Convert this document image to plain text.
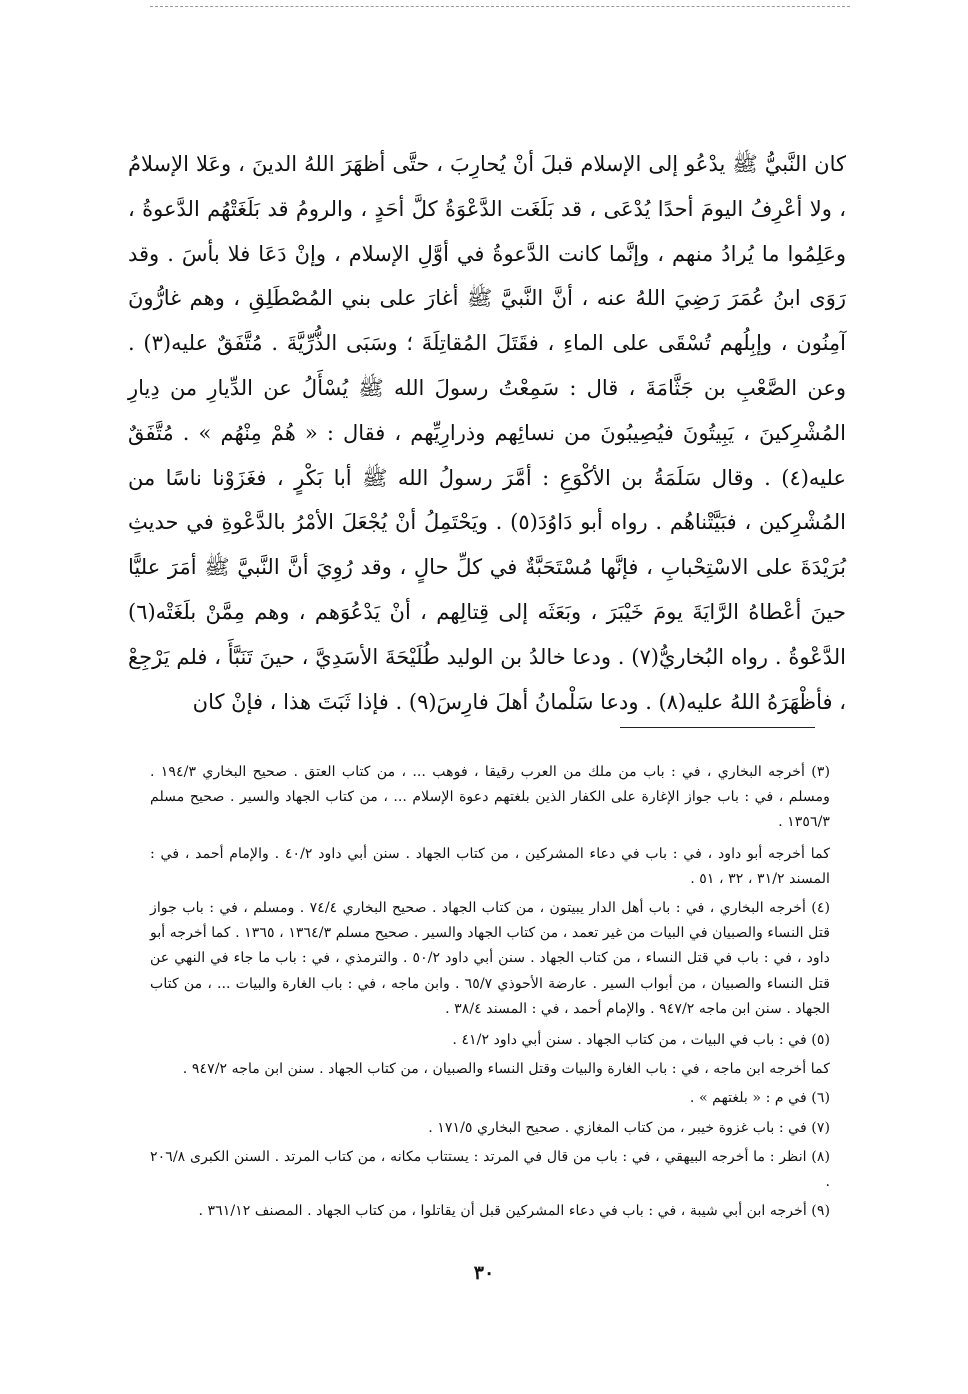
كان النَّبيُّ ﷺ يدْعُو إلى الإسلام قبلَ أنْ يُحارِبَ ، حتَّى أظهَرَ اللهُ الدينَ ، وعَلا الإسلامُ ، ولا أعْرِفُ اليومَ أحدًا يُدْعَى ، قد بَلَغَت الدَّعْوَةُ كلَّ أحَدٍ ، والرومُ قد بَلَغَتْهُم الدَّعوةُ ، وعَلِمُوا ما يُرادُ منهم ، وإنَّما كانت الدَّعوةُ في أوَّلِ الإسلام ، وإنْ دَعَا فلا بأسَ . وقد رَوَى ابنُ عُمَرَ رَضِيَ اللهُ عنه ، أنَّ النَّبيَّ ﷺ أغارَ على بني المُصْطَلِقِ ، وهم غارُّونَ آمِنُون ، وإبِلُهم تُسْقَى على الماءِ ، فقَتَلَ المُقاتِلَةَ ؛ وسَبَى الذُّرِّيَّةَ . مُتَّفَقٌ عليه(٣) . وعن الصَّعْبِ بن جَثَّامَةَ ، قال : سَمِعْتُ رسولَ الله ﷺ يُسْأَلُ عن الدِّيارِ من دِيارِ المُشْرِكينَ ، يَبِيتُونَ فيُصِيبُونَ من نسائِهم وذرارِيِّهم ، فقال : « هُمْ مِنْهُم » . مُتَّفَقٌ عليه(٤) . وقال سَلَمَةُ بن الأكْوَعِ : أمَّرَ رسولُ الله ﷺ أبا بَكْرٍ ، فغَزَوْنا ناسًا من المُشْرِكين ، فبَيَّتْناهُم . رواه أبو دَاوُدَ(٥) . ويَحْتَمِلُ أنْ يُجْعَلَ الأمْرُ بالدَّعْوةِ في حديثِ بُرَيْدَةَ على الاسْتِحْبابِ ، فإنَّها مُسْتَحَبَّةٌ في كلِّ حالٍ ، وقد رُوِيَ أنَّ النَّبيَّ ﷺ أمَرَ عليًّا حينَ أعْطاهُ الرَّايَةَ يومَ خَيْبَرَ ، وبَعَثَه إلى قِتالِهم ، أنْ يَدْعُوَهم ، وهم مِمَّنْ بلَغَتْه(٦) الدَّعْوةُ . رواه البُخاريُّ(٧) . ودعا خالدُ بن الوليد طُلَيْحَةَ الأسَدِيَّ ، حينَ تَنَبَّأَ ، فلم يَرْجِعْ ، فأظْهَرَهُ اللهُ عليه(٨) . ودعا سَلْمانُ أهلَ فارِسَ(٩) . فإذا ثَبَتَ هذا ، فإنْ كان

(٣) أخرجه البخاري ، في : باب من ملك من العرب رقيقا ، فوهب ... ، من كتاب العتق . صحيح البخاري ١٩٤/٣ . ومسلم ، في : باب جواز الإغارة على الكفار الذين بلغتهم دعوة الإسلام ... ، من كتاب الجهاد والسير . صحيح مسلم ١٣٥٦/٣ .

كما أخرجه أبو داود ، في : باب في دعاء المشركين ، من كتاب الجهاد . سنن أبي داود ٤٠/٢ . والإمام أحمد ، في : المسند ٣١/٢ ، ٣٢ ، ٥١ .

(٤) أخرجه البخاري ، في : باب أهل الدار يبيتون ، من كتاب الجهاد . صحيح البخاري ٧٤/٤ . ومسلم ، في : باب جواز قتل النساء والصبيان في البيات من غير تعمد ، من كتاب الجهاد والسير . صحيح مسلم ١٣٦٤/٣ ، ١٣٦٥ . كما أخرجه أبو داود ، في : باب في قتل النساء ، من كتاب الجهاد . سنن أبي داود ٥٠/٢ . والترمذي ، في : باب ما جاء في النهي عن قتل النساء والصبيان ، من أبواب السير . عارضة الأحوذي ٦٥/٧ . وابن ماجه ، في : باب الغارة والبيات ... ، من كتاب الجهاد . سنن ابن ماجه ٩٤٧/٢ . والإمام أحمد ، في : المسند ٣٨/٤ .

(٥) في : باب في البيات ، من كتاب الجهاد . سنن أبي داود ٤١/٢ .

كما أخرجه ابن ماجه ، في : باب الغارة والبيات وقتل النساء والصبيان ، من كتاب الجهاد . سنن ابن ماجه ٩٤٧/٢ .

(٦) في م : « بلغتهم » .

(٧) في : باب غزوة خيبر ، من كتاب المغازي . صحيح البخاري ١٧١/٥ .

(٨) انظر : ما أخرجه البيهقي ، في : باب من قال في المرتد : يستتاب مكانه ، من كتاب المرتد . السنن الكبرى ٢٠٦/٨ .

(٩) أخرجه ابن أبي شيبة ، في : باب في دعاء المشركين قبل أن يقاتلوا ، من كتاب الجهاد . المصنف ٣٦١/١٢ .

٣٠
